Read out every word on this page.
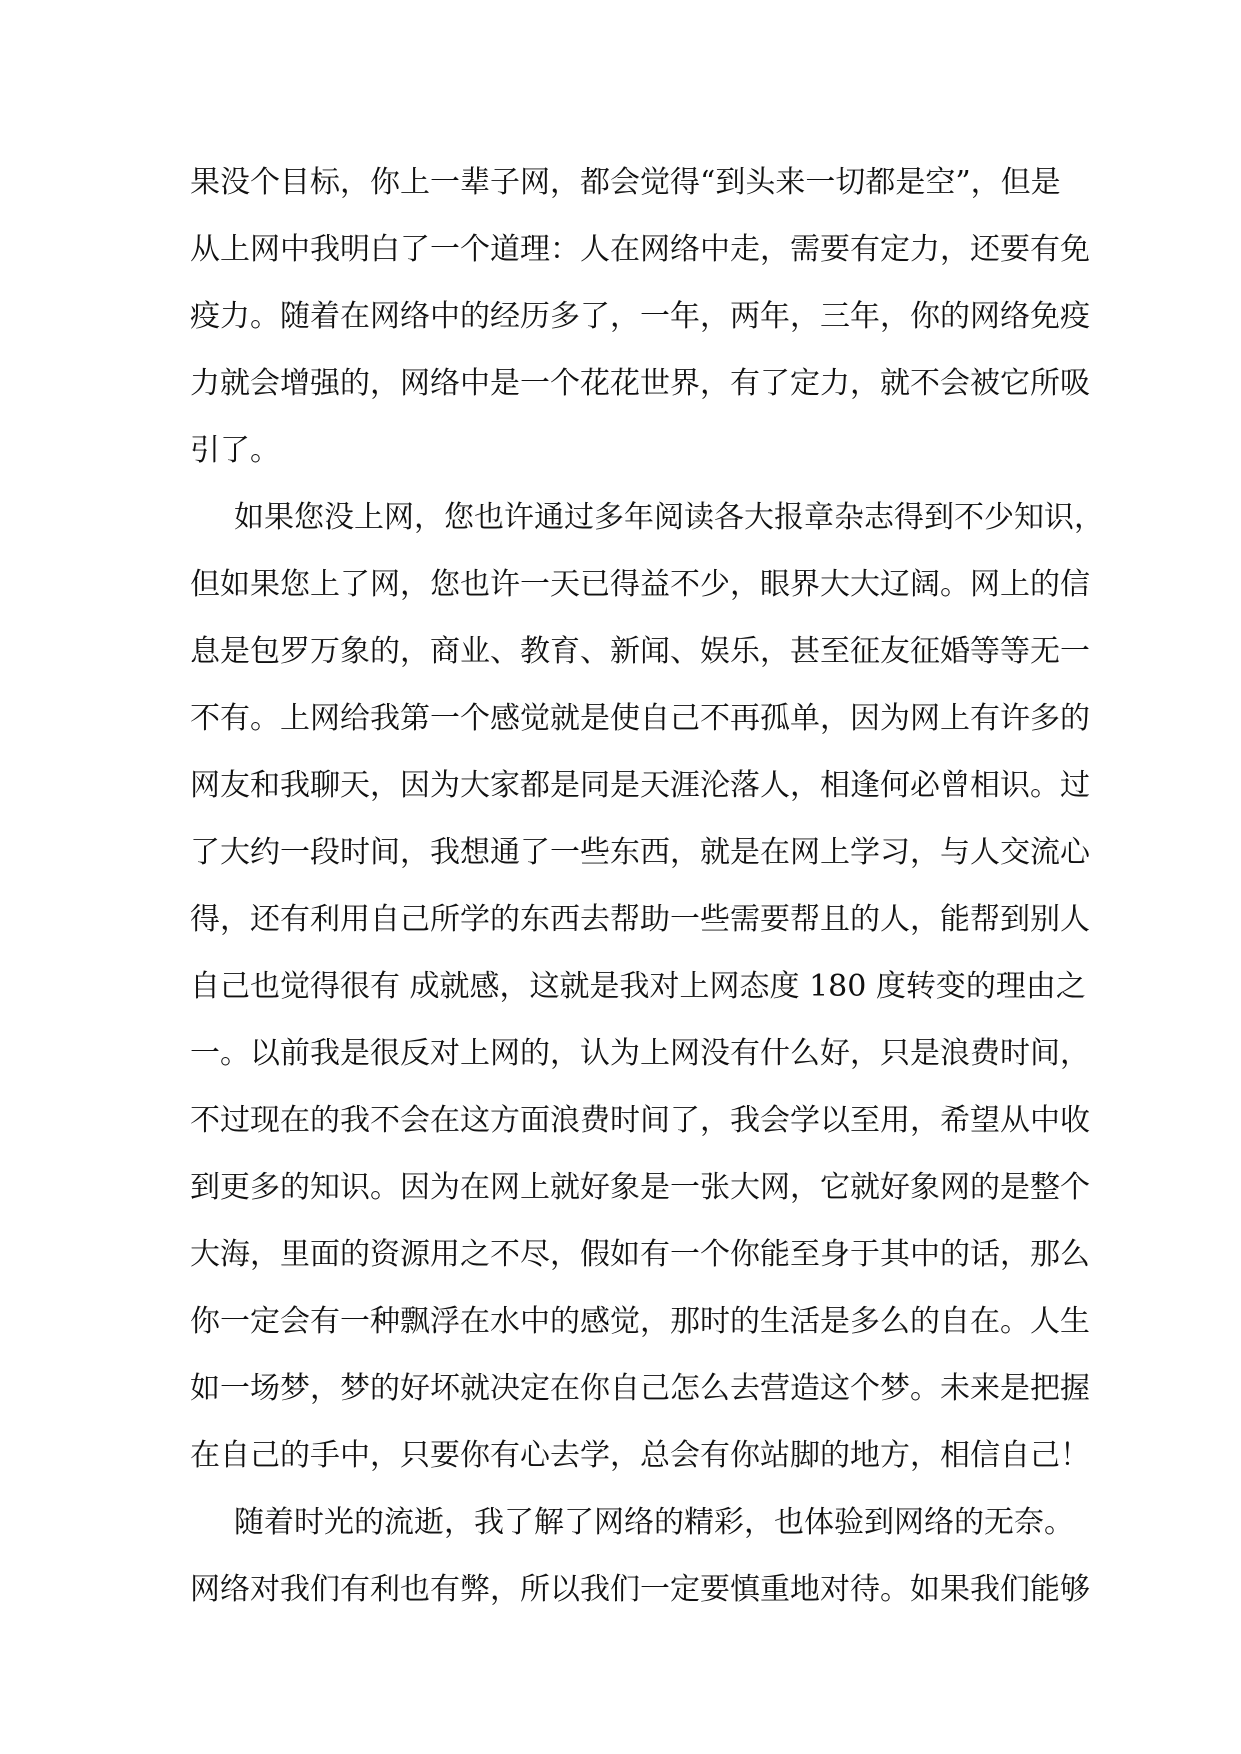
果没个目标，你上一辈子网，都会觉得“到头来一切都是空”，但是
从上网中我明白了一个道理：人在网络中走，需要有定力，还要有免
疫力。随着在网络中的经历多了，一年，两年，三年，你的网络免疫
力就会增强的，网络中是一个花花世界，有了定力，就不会被它所吸
引了。
如果您没上网，您也许通过多年阅读各大报章杂志得到不少知识，
但如果您上了网，您也许一天已得益不少，眼界大大辽阔。网上的信
息是包罗万象的，商业、教育、新闻、娱乐，甚至征友征婚等等无一
不有。上网给我第一个感觉就是使自己不再孤单，因为网上有许多的
网友和我聊天，因为大家都是同是天涯沦落人，相逢何必曾相识。过
了大约一段时间，我想通了一些东西，就是在网上学习，与人交流心
得，还有利用自己所学的东西去帮助一些需要帮且的人，能帮到别人
自己也觉得很有 成就感，这就是我对上网态度 180 度转变的理由之
一。以前我是很反对上网的，认为上网没有什么好，只是浪费时间，
不过现在的我不会在这方面浪费时间了，我会学以至用，希望从中收
到更多的知识。因为在网上就好象是一张大网，它就好象网的是整个
大海，里面的资源用之不尽，假如有一个你能至身于其中的话，那么
你一定会有一种飘浮在水中的感觉，那时的生活是多么的自在。人生
如一场梦，梦的好坏就决定在你自己怎么去营造这个梦。未来是把握
在自己的手中，只要你有心去学，总会有你站脚的地方，相信自己！
随着时光的流逝，我了解了网络的精彩，也体验到网络的无奈。
网络对我们有利也有弊，所以我们一定要慎重地对待。如果我们能够
